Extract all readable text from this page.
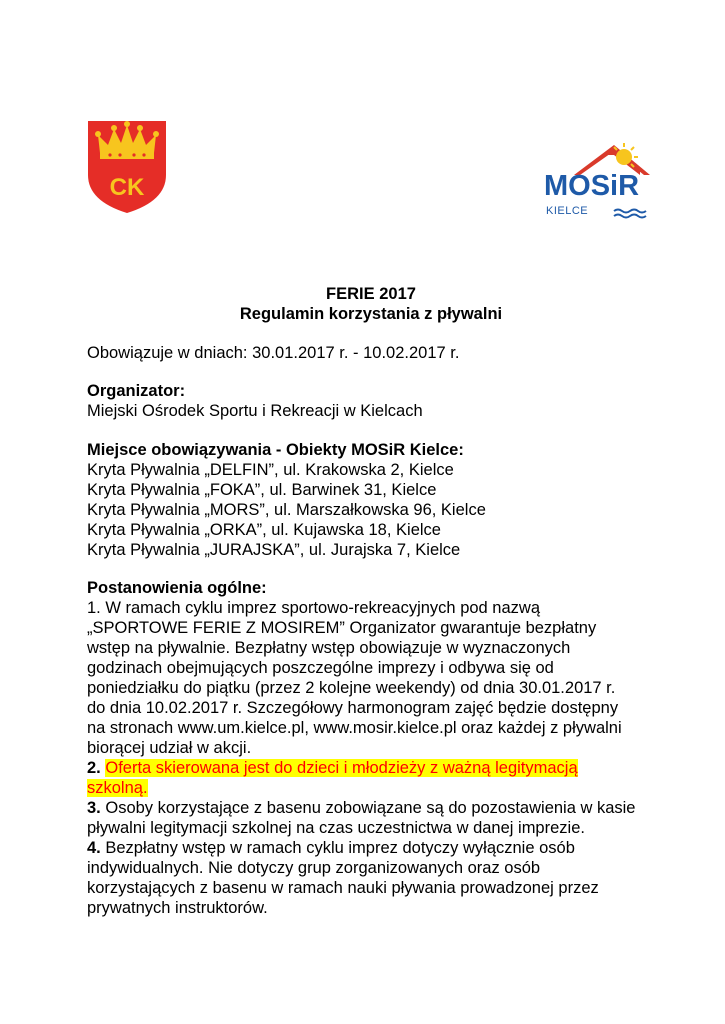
CK	MOSiR
KIELCE
FERIE 2017
Regulamin korzystania z pływalni
Obowiązuje w dniach: 30.01.2017 r. - 10.02.2017 r.
Organizator:
Miejski Ośrodek Sportu i Rekreacji w Kielcach
Miejsce obowiązywania - Obiekty MOSiR Kielce:
Kryta Pływalnia „DELFIN”, ul. Krakowska 2, Kielce
Kryta Pływalnia „FOKA”, ul. Barwinek 31, Kielce
Kryta Pływalnia „MORS”, ul. Marszałkowska 96, Kielce
Kryta Pływalnia „ORKA”, ul. Kujawska 18, Kielce
Kryta Pływalnia „JURAJSKA”, ul. Jurajska 7, Kielce
Postanowienia ogólne:
1. W ramach cyklu imprez sportowo-rekreacyjnych pod nazwą
„SPORTOWE FERIE Z MOSIREM” Organizator gwarantuje bezpłatny
wstęp na pływalnie. Bezpłatny wstęp obowiązuje w wyznaczonych
godzinach obejmujących poszczególne imprezy i odbywa się od
poniedziałku do piątku (przez 2 kolejne weekendy) od dnia 30.01.2017 r.
do dnia 10.02.2017 r. Szczegółowy harmonogram zajęć będzie dostępny
na stronach www.um.kielce.pl, www.mosir.kielce.pl oraz każdej z pływalni
biorącej udział w akcji.
2. Oferta skierowana jest do dzieci i młodzieży z ważną legitymacją
szkolną.
3. Osoby korzystające z basenu zobowiązane są do pozostawienia w kasie
pływalni legitymacji szkolnej na czas uczestnictwa w danej imprezie.
4. Bezpłatny wstęp w ramach cyklu imprez dotyczy wyłącznie osób
indywidualnych. Nie dotyczy grup zorganizowanych oraz osób
korzystających z basenu w ramach nauki pływania prowadzonej przez
prywatnych instruktorów.
